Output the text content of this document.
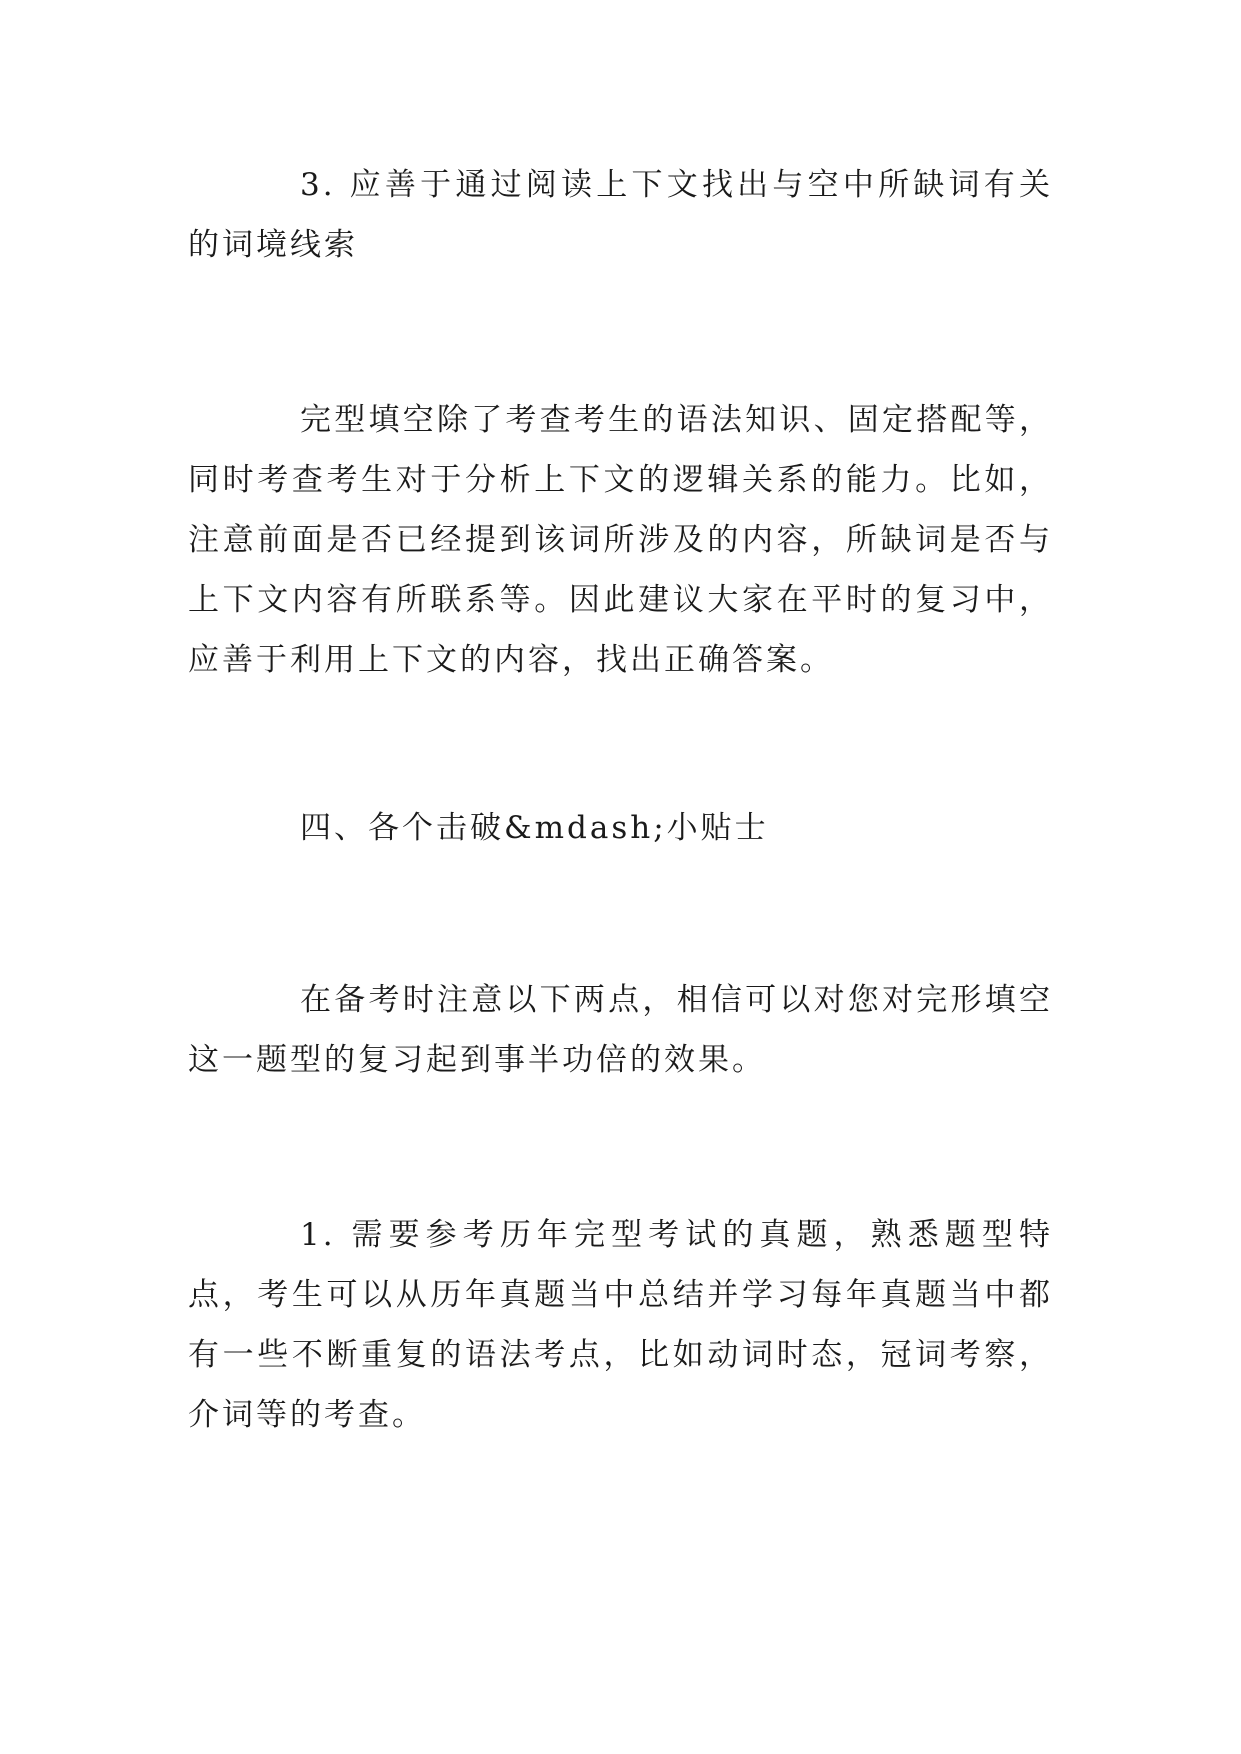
3. 应善于通过阅读上下文找出与空中所缺词有关的词境线索

完型填空除了考查考生的语法知识、固定搭配等，同时考查考生对于分析上下文的逻辑关系的能力。比如，注意前面是否已经提到该词所涉及的内容，所缺词是否与上下文内容有所联系等。因此建议大家在平时的复习中，应善于利用上下文的内容，找出正确答案。

四、各个击破&mdash;小贴士

在备考时注意以下两点，相信可以对您对完形填空这一题型的复习起到事半功倍的效果。

1. 需要参考历年完型考试的真题，熟悉题型特点，考生可以从历年真题当中总结并学习每年真题当中都有一些不断重复的语法考点，比如动词时态，冠词考察，介词等的考查。
